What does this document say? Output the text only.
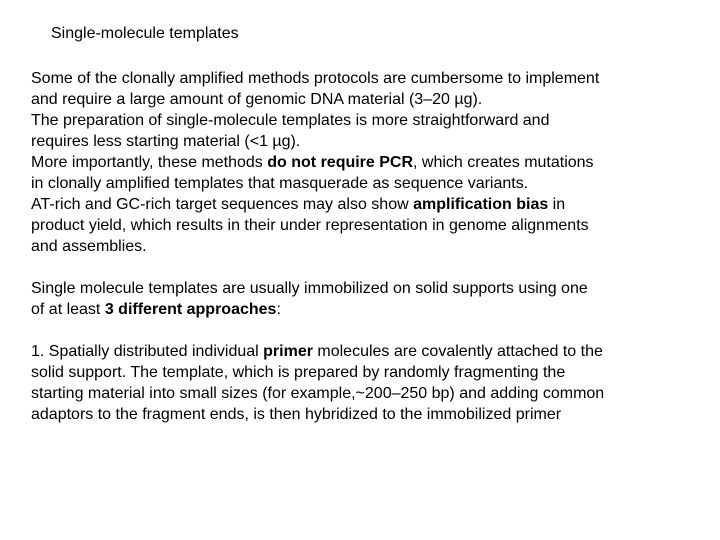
Single-molecule templates
Some of the clonally amplified methods protocols are cumbersome to implement
and require a large amount of genomic DNA material (3–20 µg).
The preparation of single-molecule templates is more straightforward and
requires less starting material (<1 µg).
More importantly, these methods do not require PCR, which creates mutations
in clonally amplified templates that masquerade as sequence variants.
AT-rich and GC-rich target sequences may also show amplification bias in
product yield, which results in their under representation in genome alignments
and assemblies.
Single molecule templates are usually immobilized on solid supports using one
of at least 3 different approaches:
1. Spatially distributed individual primer molecules are covalently attached to the
solid support. The template, which is prepared by randomly fragmenting the
starting material into small sizes (for example,~200–250 bp) and adding common
adaptors to the fragment ends, is then hybridized to the immobilized primer
